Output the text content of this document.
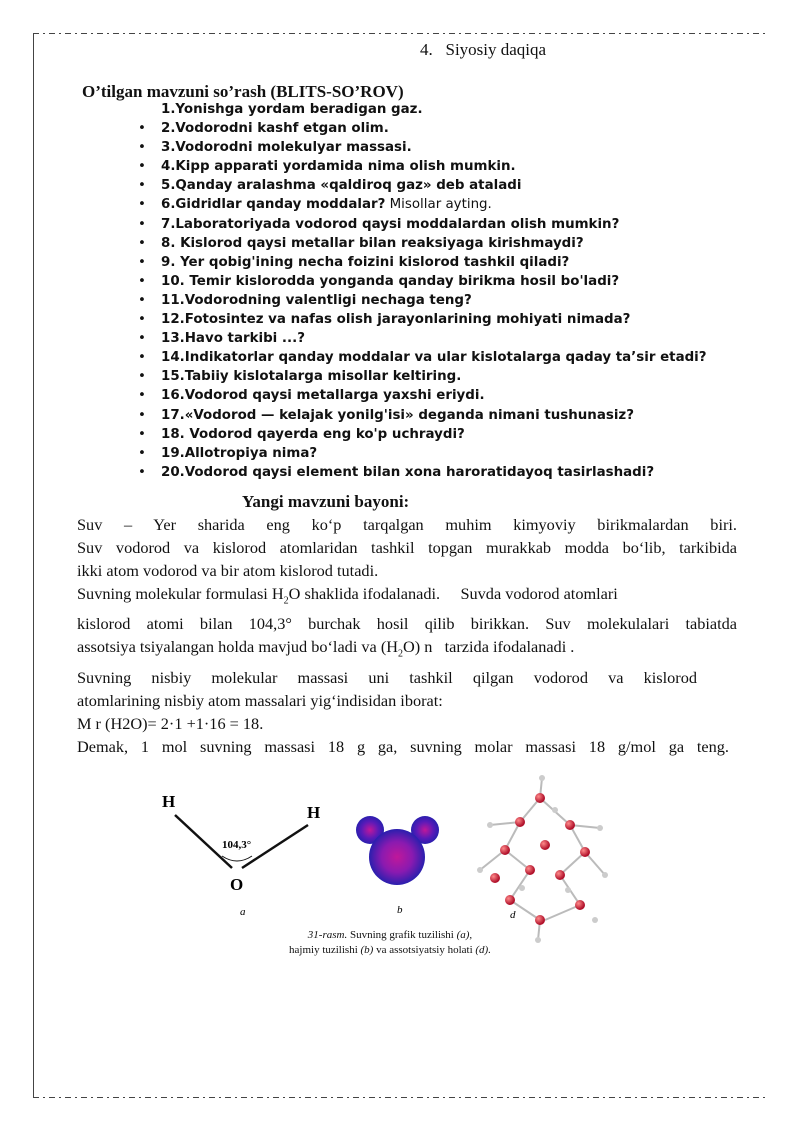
4.   Siyosiy daqiqa
O’tilgan mavzuni so’rash (BLITS-SO’ROV)
1.Yonishga yordam beradigan gaz.
• 2.Vodorodni kashf etgan olim.
• 3.Vodorodni molekulyar massasi.
• 4.Kipp apparati yordamida nima olish mumkin.
• 5.Qanday aralashma «qaldiroq gaz» deb ataladi
• 6.Gidridlar qanday moddalar? Misollar ayting.
• 7.Laboratoriyada vodorod qaysi moddalardan olish mumkin?
• 8. Kislorod qaysi metallar bilan reaksiyaga kirishmaydi?
• 9. Yer qobig'ining necha foizini kislorod tashkil qiladi?
• 10. Temir kislorodda yonganda qanday birikma hosil bo'ladi?
• 11.Vodorodning valentligi nechaga teng?
• 12.Fotosintez va nafas olish jarayonlarining mohiyati nimada?
• 13.Havo tarkibi ...?
• 14.Indikatorlar qanday moddalar va ular kislotalarga qaday ta’sir etadi?
• 15.Tabiiy kislotalarga misollar keltiring.
• 16.Vodorod qaysi metallarga yaxshi eriydi.
• 17.«Vodorod — kelajak yonilg'isi» deganda nimani tushunasiz?
• 18. Vodorod qayerda eng ko'p uchraydi?
• 19.Allotropiya nima?
• 20.Vodorod qaysi element bilan xona haroratidayoq tasirlashadi?
Yangi mavzuni bayoni:

Suv – Yer sharida eng ko‘p tarqalgan muhim kimyoviy birikmalardan biri.

Suv vodorod va kislorod atomlaridan tashkil topgan murakkab modda bo‘lib, tarkibida

ikki atom vodorod va bir atom kislorod tutadi.

Suvning molekular formulasi $H_2O$ shaklida ifodalanadi.     Suvda vodorod atomlari

kislorod atomi bilan 104,3° burchak hosil qilib birikkan. Suv molekulalari tabiatda

assotsiya tsiyalangan holda mavjud bo‘ladi va $(H_2O)$ n   tarzida ifodalanadi .

Suvning nisbiy molekular massasi uni tashkil qilgan vodorod va kislorod

atomlarining nisbiy atom massalari yig‘indisidan iborat:

M r (H2O)= 2·1 +1·16 = 18.

Demak, 1 mol suvning massasi 18 g ga, suvning molar massasi 18 g/mol ga teng.

H
H
O
104,3°
a	b	d
31-rasm. Suvning grafik tuzilishi (a),
hajmiy tuzilishi (b) va assotsiyatsiy holati (d).
